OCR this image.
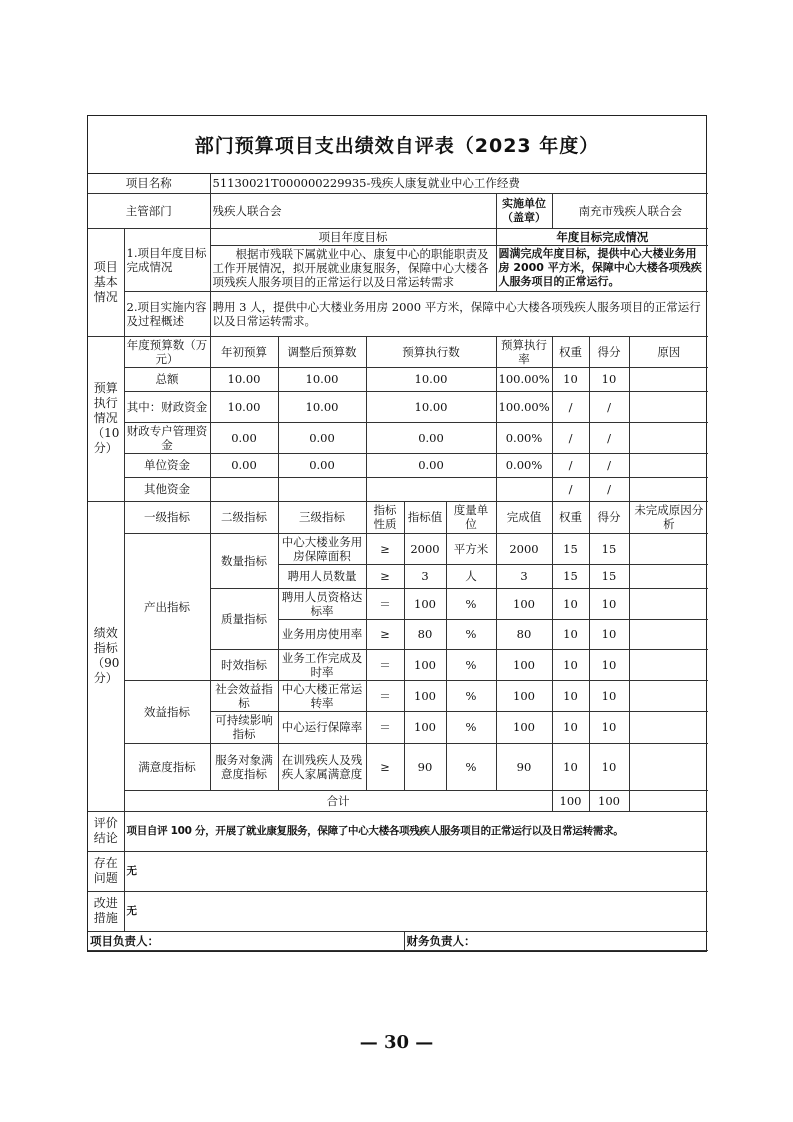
部门预算项目支出绩效自评表（2023 年度）
项目名称		51130021T000000229935-残疾人康复就业中心工作经费								
主管部门		残疾人联合会					实施单位（盖章）	南充市残疾人联合会		
项目基本情况	1.项目年度目标完成情况	项目年度目标					年度目标完成情况			
		　　根据市残联下属就业中心、康复中心的职能职责及工作开展情况，拟开展就业康复服务，保障中心大楼各项残疾人服务项目的正常运行以及日常运转需求					圆满完成年度目标，提供中心大楼业务用房 2000 平方米，保障中心大楼各项残疾人服务项目的正常运行。			
	2.项目实施内容及过程概述	聘用 3 人，提供中心大楼业务用房 2000 平方米，保障中心大楼各项残疾人服务项目的正常运行以及日常运转需求。								
预算执行情况（10分）	年度预算数（万元）	年初预算	调整后预算数	预算执行数			预算执行率	权重	得分	原因
	总额	10.00	10.00	10.00			100.00%	10	10	
	其中：财政资金	10.00	10.00	10.00			100.00%	/	/	
	财政专户管理资金	0.00	0.00	0.00			0.00%	/	/	
	单位资金	0.00	0.00	0.00			0.00%	/	/	
	其他资金							/	/	
绩效指标（90分）	一级指标	二级指标	三级指标	指标性质	指标值	度量单位	完成值	权重	得分	未完成原因分析
	产出指标	数量指标	中心大楼业务用房保障面积	≥	2000	平方米	2000	15	15	
			聘用人员数量	≥	3	人	3	15	15	
		质量指标	聘用人员资格达标率	＝	100	%	100	10	10	
			业务用房使用率	≥	80	%	80	10	10	
		时效指标	业务工作完成及时率	＝	100	%	100	10	10	
	效益指标	社会效益指标	中心大楼正常运转率	＝	100	%	100	10	10	
		可持续影响指标	中心运行保障率	＝	100	%	100	10	10	
	满意度指标	服务对象满意度指标	在训残疾人及残疾人家属满意度	≥	90	%	90	10	10	
	合计							100	100	
评价结论	项目自评 100 分，开展了就业康复服务，保障了中心大楼各项残疾人服务项目的正常运行以及日常运转需求。									
存在问题	无									
改进措施	无									
项目负责人：					财务负责人：					
— 30 —
